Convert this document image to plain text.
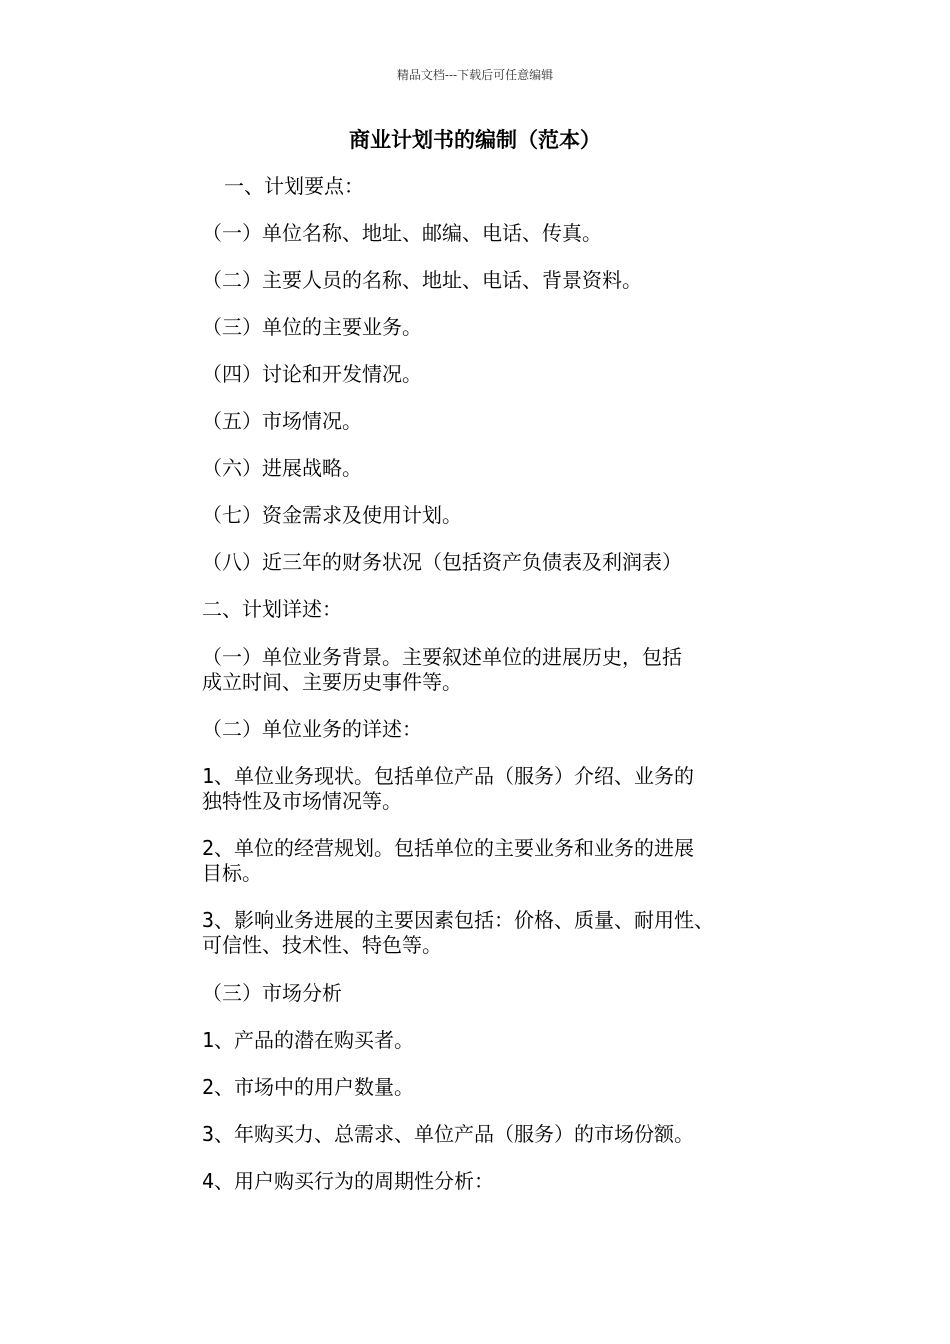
精品文档---下载后可任意编辑
商业计划书的编制（范本）
一、计划要点：
（一）单位名称、地址、邮编、电话、传真。
（二）主要人员的名称、地址、电话、背景资料。
（三）单位的主要业务。
（四）讨论和开发情况。
（五）市场情况。
（六）进展战略。
（七）资金需求及使用计划。
（八）近三年的财务状况（包括资产负债表及利润表）
二、计划详述：
（一）单位业务背景。主要叙述单位的进展历史，包括
成立时间、主要历史事件等。
（二）单位业务的详述：
1、单位业务现状。包括单位产品（服务）介绍、业务的
独特性及市场情况等。
2、单位的经营规划。包括单位的主要业务和业务的进展
目标。
3、影响业务进展的主要因素包括：价格、质量、耐用性、
可信性、技术性、特色等。
（三）市场分析
1、产品的潜在购买者。
2、市场中的用户数量。
3、年购买力、总需求、单位产品（服务）的市场份额。
4、用户购买行为的周期性分析：
